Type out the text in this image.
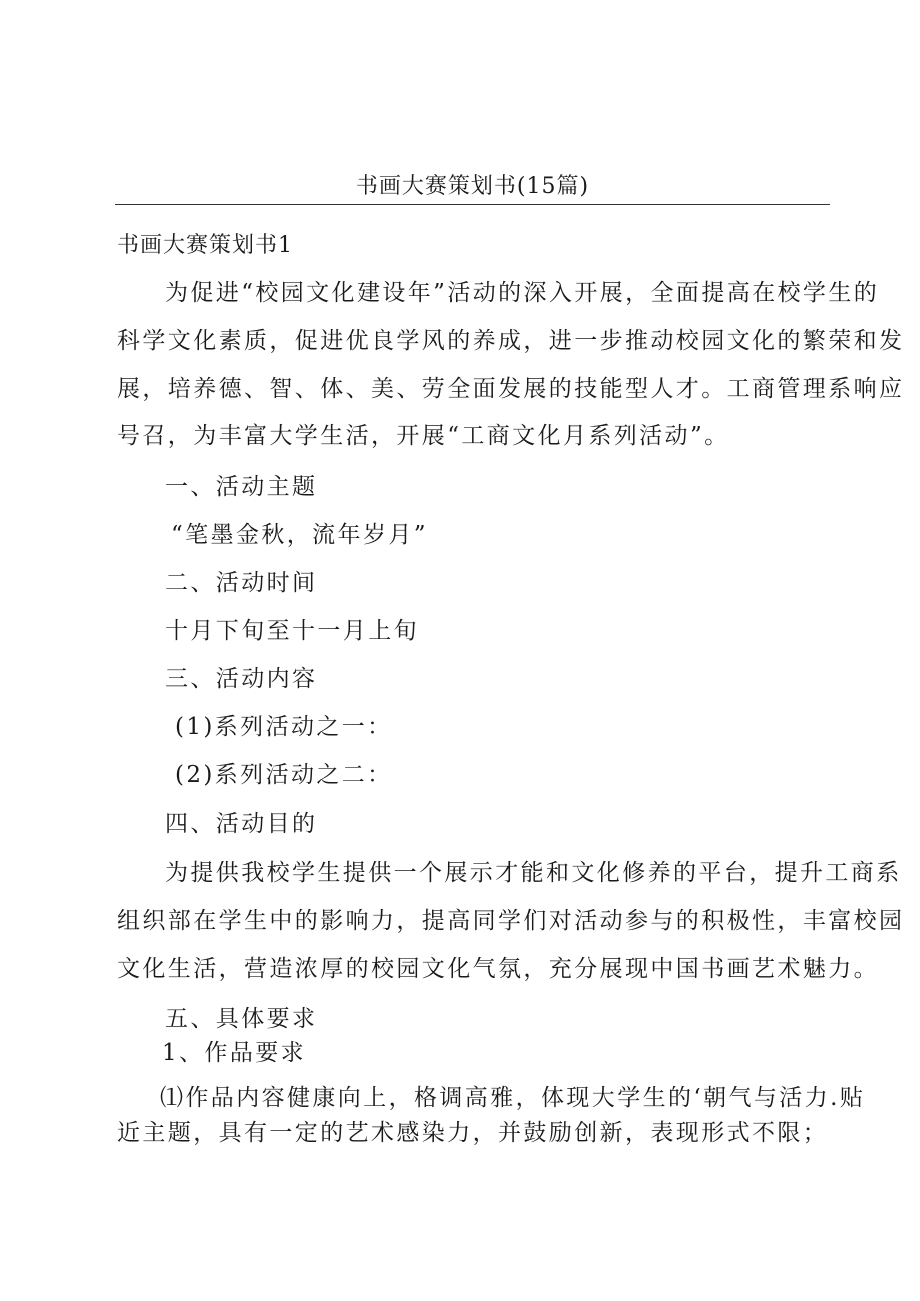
书画大赛策划书(15篇)
书画大赛策划书1
为促进“校园文化建设年”活动的深入开展，全面提高在校学生的
科学文化素质，促进优良学风的养成，进一步推动校园文化的繁荣和发
展，培养德、智、体、美、劳全面发展的技能型人才。工商管理系响应
号召，为丰富大学生活，开展“工商文化月系列活动”。
一、活动主题
“笔墨金秋，流年岁月”
二、活动时间
十月下旬至十一月上旬
三、活动内容
(1)系列活动之一：
(2)系列活动之二：
四、活动目的
为提供我校学生提供一个展示才能和文化修养的平台，提升工商系
组织部在学生中的影响力，提高同学们对活动参与的积极性，丰富校园
文化生活，营造浓厚的校园文化气氛，充分展现中国书画艺术魅力。
五、具体要求
1、作品要求
⑴作品内容健康向上，格调高雅，体现大学生的‘朝气与活力.贴
近主题，具有一定的艺术感染力，并鼓励创新，表现形式不限；
